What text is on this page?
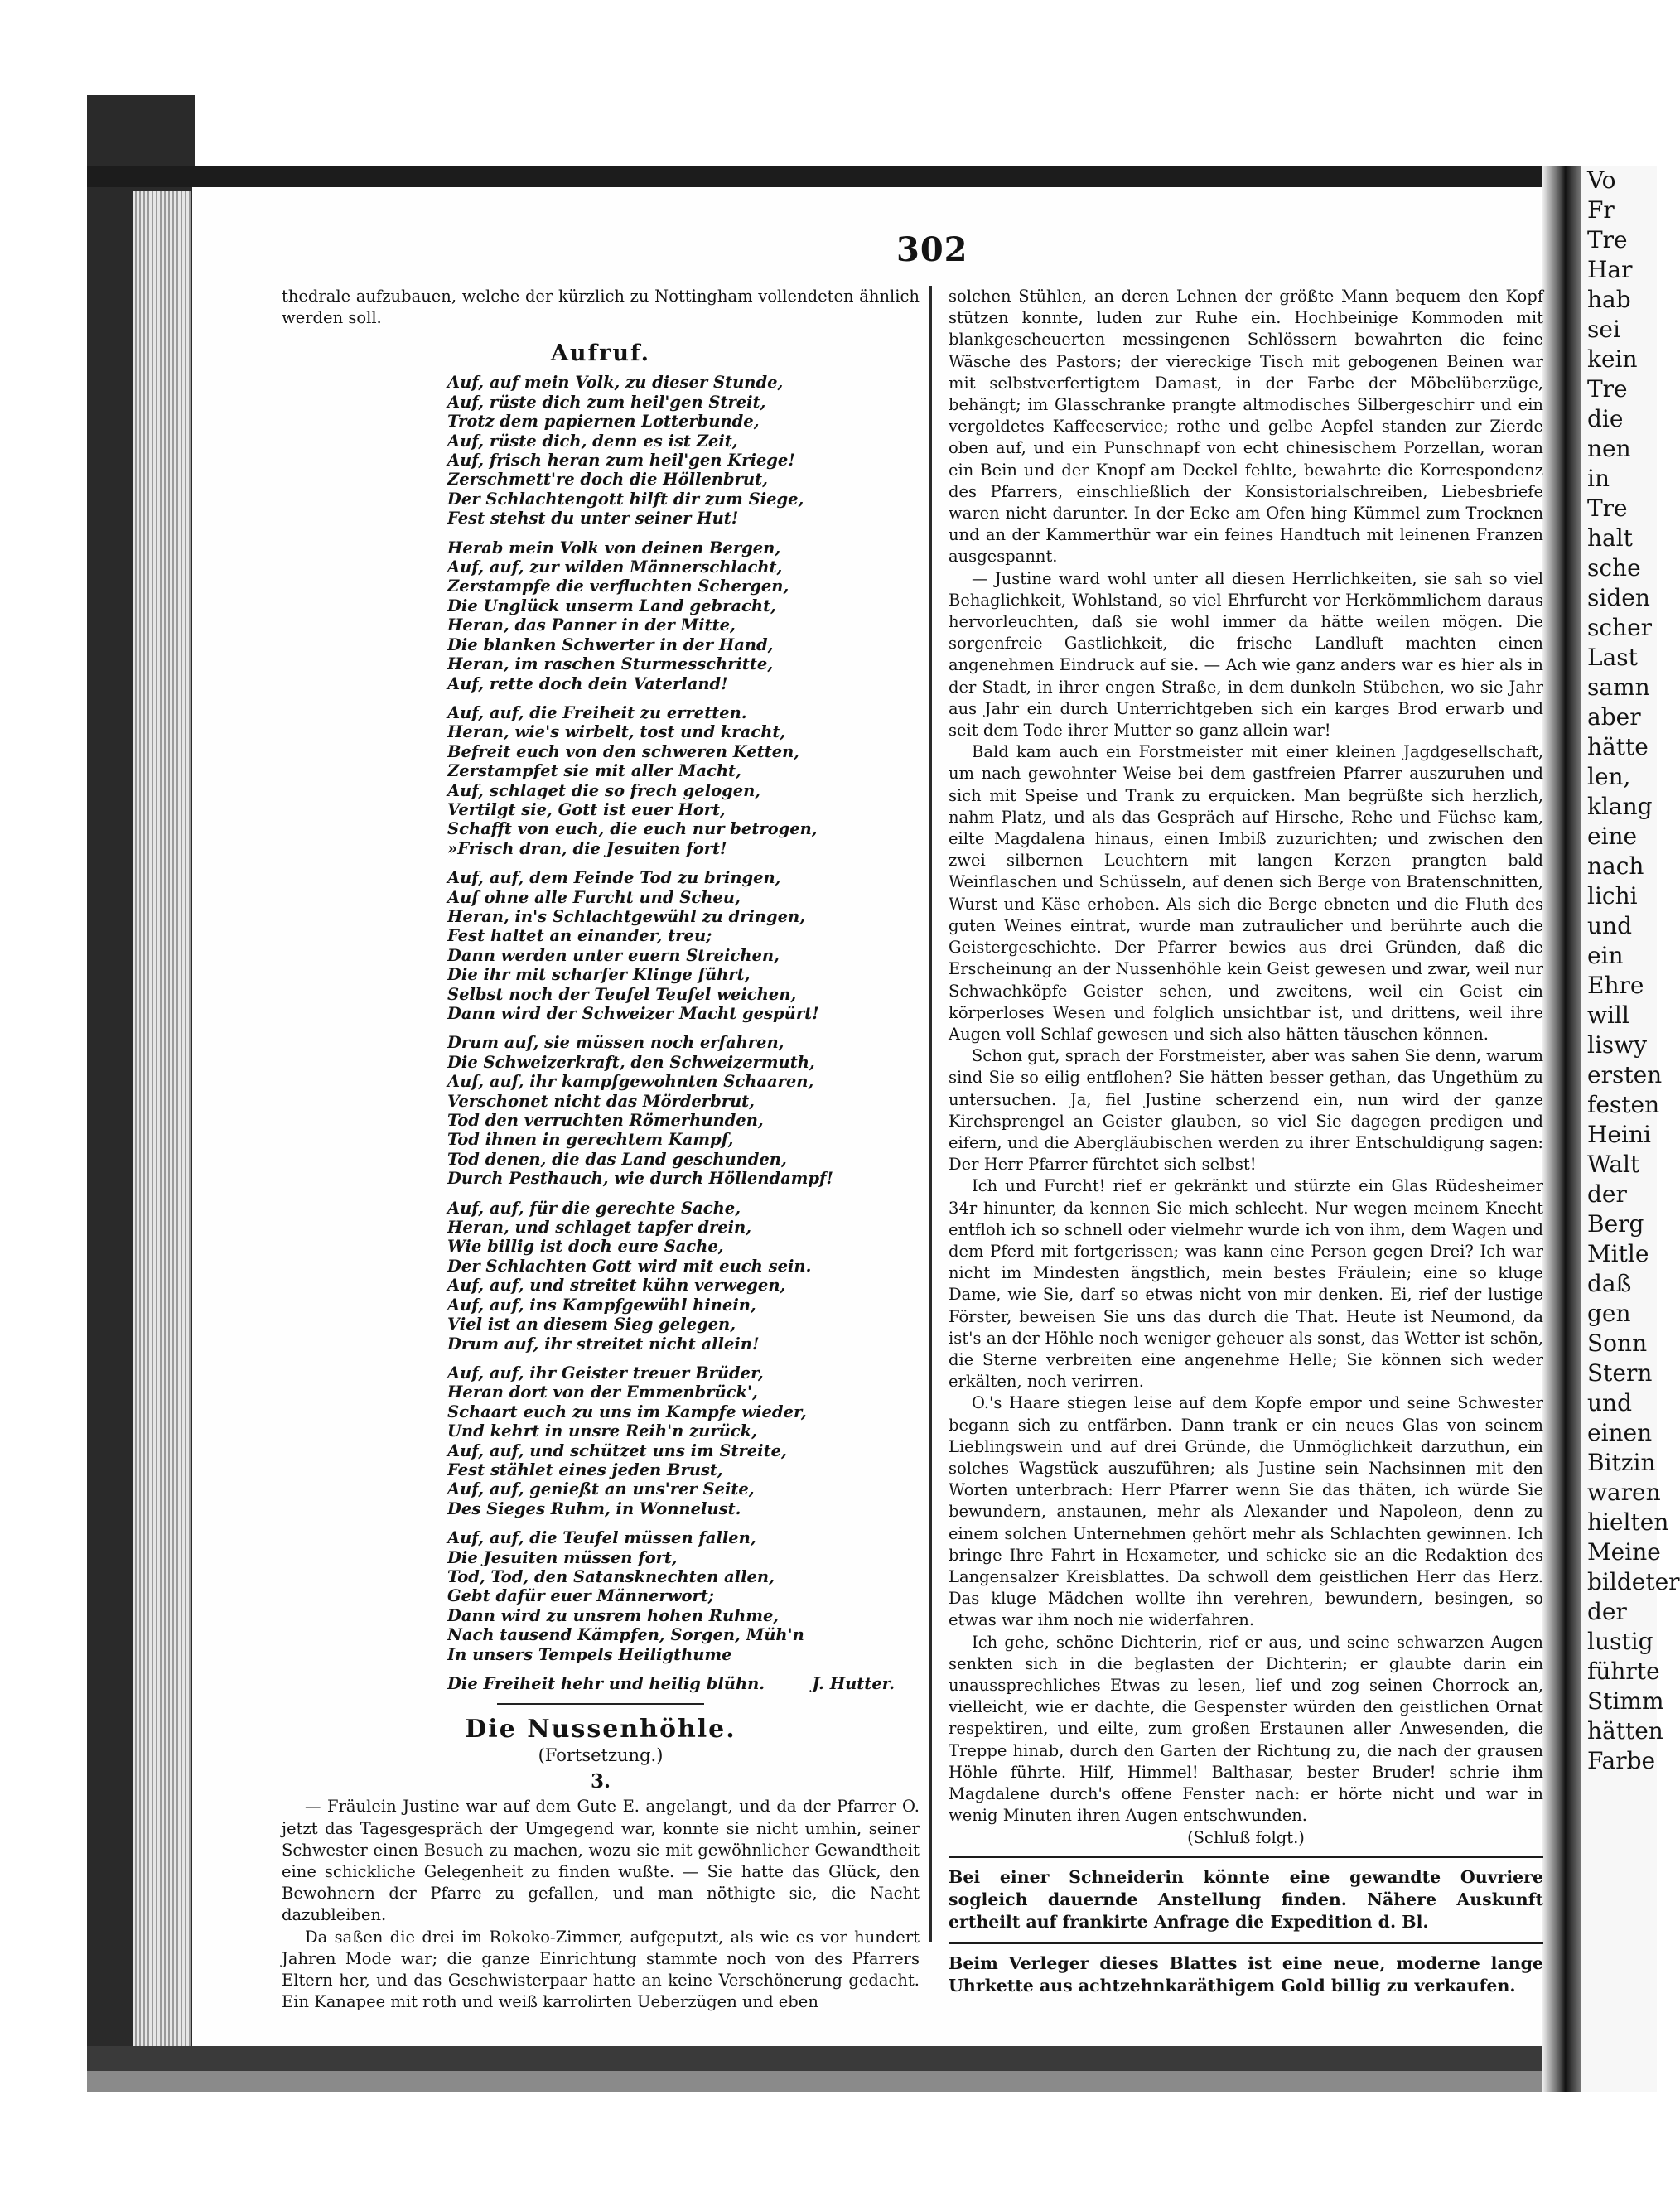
Vo
Fr
Tre
Har
hab
sei
kein
Tre
die
nen
in
Tre
halt
sche
siden
scher
Last
samn
aber
hätte
len,
klang
eine
nach
lichi
und
ein
Ehre
will
liswy
ersten
festen
Heini
Walt
der
Berg
Mitle
daß
gen
Sonn
Stern
und
einen
Bitzin
waren
hielten
Meine
bildeter
der
lustig
führte
Stimm
hätten
Farbe
302

thedrale aufzubauen, welche der kürzlich zu Nottingham vollendeten ähnlich werden soll.

Aufruf.
Auf, auf mein Volk, zu dieser Stunde,
Auf, rüste dich zum heil'gen Streit,
Trotz dem papiernen Lotterbunde,
Auf, rüste dich, denn es ist Zeit,
Auf, frisch heran zum heil'gen Kriege!
Zerschmett're doch die Höllenbrut,
Der Schlachtengott hilft dir zum Siege,
Fest stehst du unter seiner Hut!
Herab mein Volk von deinen Bergen,
Auf, auf, zur wilden Männerschlacht,
Zerstampfe die verfluchten Schergen,
Die Unglück unserm Land gebracht,
Heran, das Panner in der Mitte,
Die blanken Schwerter in der Hand,
Heran, im raschen Sturmesschritte,
Auf, rette doch dein Vaterland!
Auf, auf, die Freiheit zu erretten.
Heran, wie's wirbelt, tost und kracht,
Befreit euch von den schweren Ketten,
Zerstampfet sie mit aller Macht,
Auf, schlaget die so frech gelogen,
Vertilgt sie, Gott ist euer Hort,
Schafft von euch, die euch nur betrogen,
»Frisch dran, die Jesuiten fort!
Auf, auf, dem Feinde Tod zu bringen,
Auf ohne alle Furcht und Scheu,
Heran, in's Schlachtgewühl zu dringen,
Fest haltet an einander, treu;
Dann werden unter euern Streichen,
Die ihr mit scharfer Klinge führt,
Selbst noch der Teufel Teufel weichen,
Dann wird der Schweizer Macht gespürt!
Drum auf, sie müssen noch erfahren,
Die Schweizerkraft, den Schweizermuth,
Auf, auf, ihr kampfgewohnten Schaaren,
Verschonet nicht das Mörderbrut,
Tod den verruchten Römerhunden,
Tod ihnen in gerechtem Kampf,
Tod denen, die das Land geschunden,
Durch Pesthauch, wie durch Höllendampf!
Auf, auf, für die gerechte Sache,
Heran, und schlaget tapfer drein,
Wie billig ist doch eure Sache,
Der Schlachten Gott wird mit euch sein.
Auf, auf, und streitet kühn verwegen,
Auf, auf, ins Kampfgewühl hinein,
Viel ist an diesem Sieg gelegen,
Drum auf, ihr streitet nicht allein!
Auf, auf, ihr Geister treuer Brüder,
Heran dort von der Emmenbrück',
Schaart euch zu uns im Kampfe wieder,
Und kehrt in unsre Reih'n zurück,
Auf, auf, und schützet uns im Streite,
Fest stählet eines jeden Brust,
Auf, auf, genießt an uns'rer Seite,
Des Sieges Ruhm, in Wonnelust.
Auf, auf, die Teufel müssen fallen,
Die Jesuiten müssen fort,
Tod, Tod, den Satansknechten allen,
Gebt dafür euer Männerwort;
Dann wird zu unsrem hohen Ruhme,
Nach tausend Kämpfen, Sorgen, Müh'n
In unsers Tempels Heiligthume
Die Freiheit hehr und heilig blühn.	J. Hutter.
Die Nussenhöhle.
(Fortsetzung.)
3.

— Fräulein Justine war auf dem Gute E. angelangt, und da der Pfarrer O. jetzt das Tagesgespräch der Umgegend war, konnte sie nicht umhin, seiner Schwester einen Besuch zu machen, wozu sie mit gewöhnlicher Gewandtheit eine schickliche Gelegenheit zu finden wußte. — Sie hatte das Glück, den Bewohnern der Pfarre zu gefallen, und man nöthigte sie, die Nacht dazubleiben.

Da saßen die drei im Rokoko-Zimmer, aufgeputzt, als wie es vor hundert Jahren Mode war; die ganze Einrichtung stammte noch von des Pfarrers Eltern her, und das Geschwisterpaar hatte an keine Verschönerung gedacht. Ein Kanapee mit roth und weiß karrolirten Ueberzügen und eben

solchen Stühlen, an deren Lehnen der größte Mann bequem den Kopf stützen konnte, luden zur Ruhe ein. Hochbeinige Kommoden mit blankgescheuerten messingenen Schlössern bewahrten die feine Wäsche des Pastors; der viereckige Tisch mit gebogenen Beinen war mit selbstverfertigtem Damast, in der Farbe der Möbelüberzüge, behängt; im Glasschranke prangte altmodisches Silbergeschirr und ein vergoldetes Kaffeeservice; rothe und gelbe Aepfel standen zur Zierde oben auf, und ein Punschnapf von echt chinesischem Porzellan, woran ein Bein und der Knopf am Deckel fehlte, bewahrte die Korrespondenz des Pfarrers, einschließlich der Konsistorialschreiben, Liebesbriefe waren nicht darunter. In der Ecke am Ofen hing Kümmel zum Trocknen und an der Kammerthür war ein feines Handtuch mit leinenen Franzen ausgespannt.

— Justine ward wohl unter all diesen Herrlichkeiten, sie sah so viel Behaglichkeit, Wohlstand, so viel Ehrfurcht vor Herkömmlichem daraus hervorleuchten, daß sie wohl immer da hätte weilen mögen. Die sorgenfreie Gastlichkeit, die frische Landluft machten einen angenehmen Eindruck auf sie. — Ach wie ganz anders war es hier als in der Stadt, in ihrer engen Straße, in dem dunkeln Stübchen, wo sie Jahr aus Jahr ein durch Unterrichtgeben sich ein karges Brod erwarb und seit dem Tode ihrer Mutter so ganz allein war!

Bald kam auch ein Forstmeister mit einer kleinen Jagdgesellschaft, um nach gewohnter Weise bei dem gastfreien Pfarrer auszuruhen und sich mit Speise und Trank zu erquicken. Man begrüßte sich herzlich, nahm Platz, und als das Gespräch auf Hirsche, Rehe und Füchse kam, eilte Magdalena hinaus, einen Imbiß zuzurichten; und zwischen den zwei silbernen Leuchtern mit langen Kerzen prangten bald Weinflaschen und Schüsseln, auf denen sich Berge von Bratenschnitten, Wurst und Käse erhoben. Als sich die Berge ebneten und die Fluth des guten Weines eintrat, wurde man zutraulicher und berührte auch die Geistergeschichte. Der Pfarrer bewies aus drei Gründen, daß die Erscheinung an der Nussenhöhle kein Geist gewesen und zwar, weil nur Schwachköpfe Geister sehen, und zweitens, weil ein Geist ein körperloses Wesen und folglich unsichtbar ist, und drittens, weil ihre Augen voll Schlaf gewesen und sich also hätten täuschen können.

Schon gut, sprach der Forstmeister, aber was sahen Sie denn, warum sind Sie so eilig entflohen? Sie hätten besser gethan, das Ungethüm zu untersuchen. Ja, fiel Justine scherzend ein, nun wird der ganze Kirchsprengel an Geister glauben, so viel Sie dagegen predigen und eifern, und die Abergläubischen werden zu ihrer Entschuldigung sagen: Der Herr Pfarrer fürchtet sich selbst!

Ich und Furcht! rief er gekränkt und stürzte ein Glas Rüdesheimer 34r hinunter, da kennen Sie mich schlecht. Nur wegen meinem Knecht entfloh ich so schnell oder vielmehr wurde ich von ihm, dem Wagen und dem Pferd mit fortgerissen; was kann eine Person gegen Drei? Ich war nicht im Mindesten ängstlich, mein bestes Fräulein; eine so kluge Dame, wie Sie, darf so etwas nicht von mir denken. Ei, rief der lustige Förster, beweisen Sie uns das durch die That. Heute ist Neumond, da ist's an der Höhle noch weniger geheuer als sonst, das Wetter ist schön, die Sterne verbreiten eine angenehme Helle; Sie können sich weder erkälten, noch verirren.

O.'s Haare stiegen leise auf dem Kopfe empor und seine Schwester begann sich zu entfärben. Dann trank er ein neues Glas von seinem Lieblingswein und auf drei Gründe, die Unmöglichkeit darzuthun, ein solches Wagstück auszuführen; als Justine sein Nachsinnen mit den Worten unterbrach: Herr Pfarrer wenn Sie das thäten, ich würde Sie bewundern, anstaunen, mehr als Alexander und Napoleon, denn zu einem solchen Unternehmen gehört mehr als Schlachten gewinnen. Ich bringe Ihre Fahrt in Hexameter, und schicke sie an die Redaktion des Langensalzer Kreisblattes. Da schwoll dem geistlichen Herr das Herz. Das kluge Mädchen wollte ihn verehren, bewundern, besingen, so etwas war ihm noch nie widerfahren.

Ich gehe, schöne Dichterin, rief er aus, und seine schwarzen Augen senkten sich in die beglasten der Dichterin; er glaubte darin ein unaussprechliches Etwas zu lesen, lief und zog seinen Chorrock an, vielleicht, wie er dachte, die Gespenster würden den geistlichen Ornat respektiren, und eilte, zum großen Erstaunen aller Anwesenden, die Treppe hinab, durch den Garten der Richtung zu, die nach der grausen Höhle führte. Hilf, Himmel! Balthasar, bester Bruder! schrie ihm Magdalene durch's offene Fenster nach: er hörte nicht und war in wenig Minuten ihren Augen entschwunden.

(Schluß folgt.)

Bei einer Schneiderin könnte eine gewandte Ouvriere sogleich dauernde Anstellung finden. Nähere Auskunft ertheilt auf frankirte Anfrage die Expedition d. Bl.

Beim Verleger dieses Blattes ist eine neue, moderne lange Uhrkette aus achtzehnkaräthigem Gold billig zu verkaufen.
